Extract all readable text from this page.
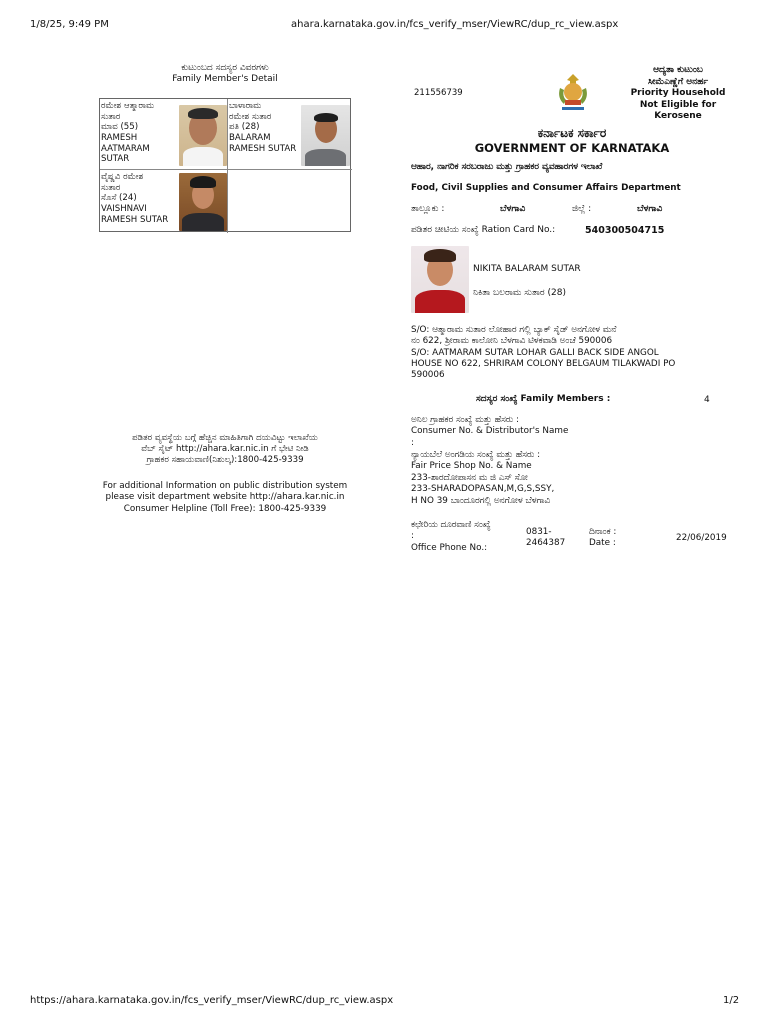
1/8/25, 9:49 PM	ahara.karnataka.gov.in/fcs_verify_mser/ViewRC/dup_rc_view.aspx
ಕುಟುಂಬದ ಸದಸ್ಯರ ವಿವರಗಳು
Family Member's Detail
ರಮೇಶ ಆತ್ಮಾರಾಮ
ಸುತಾರ
ಮಾವ (55)
RAMESH
AATMARAM
SUTAR
ಬಾಳಾರಾಮ
ರಮೇಶ ಸುತಾರ
ಪತಿ (28)
BALARAM
RAMESH SUTAR
ವೈಷ್ಣವಿ ರಮೇಶ
ಸುತಾರ
ಸೊಸೆ (24)
VAISHNAVI
RAMESH SUTAR
ಪಡಿತರ ವ್ಯವಸ್ಥೆಯ ಬಗ್ಗೆ ಹೆಚ್ಚಿನ ಮಾಹಿತಿಗಾಗಿ ದಯವಿಟ್ಟು ಇಲಾಖೆಯ
ವೆಬ್ ಸೈಟ್ http://ahara.kar.nic.in ಗೆ ಭೇಟಿ ನೀಡಿ
ಗ್ರಾಹಕರ ಸಹಾಯವಾಣಿ(ನಿಶುಲ್ಕ):1800-425-9339
For additional Information on public distribution system
please visit department website http://ahara.kar.nic.in
Consumer Helpline (Toll Free): 1800-425-9339
211556739
ಆದ್ಯತಾ ಕುಟುಂಬ
ಸೀಮೆಎಣ್ಣೆಗೆ ಅನರ್ಹ
Priority Household
Not Eligible for
Kerosene
ಕರ್ನಾಟಕ ಸರ್ಕಾರ
GOVERNMENT OF KARNATAKA
ಆಹಾರ, ನಾಗರಿಕ ಸರಬರಾಜು ಮತ್ತು ಗ್ರಾಹಕರ ವ್ಯವಹಾರಗಳ ಇಲಾಖೆ
Food, Civil Supplies and Consumer Affairs Department
ತಾಲ್ಲೂಕು :	ಬೆಳಗಾವಿ	ಜಿಲ್ಲೆ :	ಬೆಳಗಾವಿ
ಪಡಿತರ ಚೀಟಿಯ ಸಂಖ್ಯೆ Ration Card No.:	540300504715
NIKITA BALARAM SUTAR
ನಿಕಿತಾ ಬಲರಾಮ ಸುತಾರ (28)
S/O: ಆತ್ಮಾರಾಮ ಸುತಾರ ಲೋಹಾರ ಗಲ್ಲಿ ಬ್ಯಾಕ್ ಸೈಡ್ ಅನಗೋಳ ಮನೆ
ನಂ 622, ಶ್ರೀರಾಮ ಕಾಲೋನಿ ಬೆಳಗಾವಿ ಟಿಳಕವಾಡಿ ಅಂಚೆ 590006
S/O: AATMARAM SUTAR LOHAR GALLI BACK SIDE ANGOL
HOUSE NO 622, SHRIRAM COLONY BELGAUM TILAKWADI PO
590006
ಸದಸ್ಯರ ಸಂಖ್ಯೆ Family Members :	4
ಅನಿಲ ಗ್ರಾಹಕರ ಸಂಖ್ಯೆ ಮತ್ತು ಹೆಸರು :
Consumer No. & Distributor's Name
:
ನ್ಯಾಯಬೆಲೆ ಅಂಗಡಿಯ ಸಂಖ್ಯೆ ಮತ್ತು ಹೆಸರು :
Fair Price Shop No. & Name
233-ಶಾರದೋಪಾಸನ ಮ ಜಿ ಎಸ್ ಸೋ
233-SHARADOPASAN,M,G,S,SSY,
H NO 39 ಬಾಂದೂರಗಲ್ಲಿ ಅನಗೋಳ ಬೆಳಗಾವಿ
ಕಛೇರಿಯ ದೂರವಾಣಿ ಸಂಖ್ಯೆ
:
Office Phone No.:
0831-
2464387
ದಿನಾಂಕ :
Date :
22/06/2019
https://ahara.karnataka.gov.in/fcs_verify_mser/ViewRC/dup_rc_view.aspx	1/2
